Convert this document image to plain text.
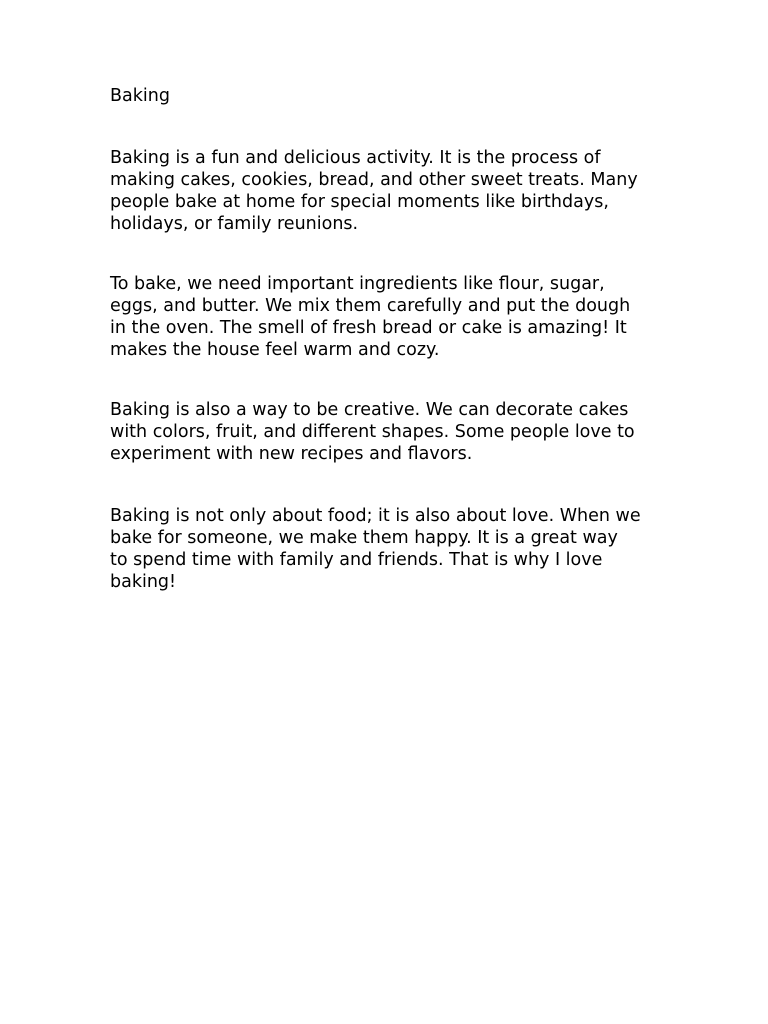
Baking

Baking is a fun and delicious activity. It is the process of
making cakes, cookies, bread, and other sweet treats. Many
people bake at home for special moments like birthdays,
holidays, or family reunions.

To bake, we need important ingredients like flour, sugar,
eggs, and butter. We mix them carefully and put the dough
in the oven. The smell of fresh bread or cake is amazing! It
makes the house feel warm and cozy.

Baking is also a way to be creative. We can decorate cakes
with colors, fruit, and different shapes. Some people love to
experiment with new recipes and flavors.

Baking is not only about food; it is also about love. When we
bake for someone, we make them happy. It is a great way
to spend time with family and friends. That is why I love
baking!
